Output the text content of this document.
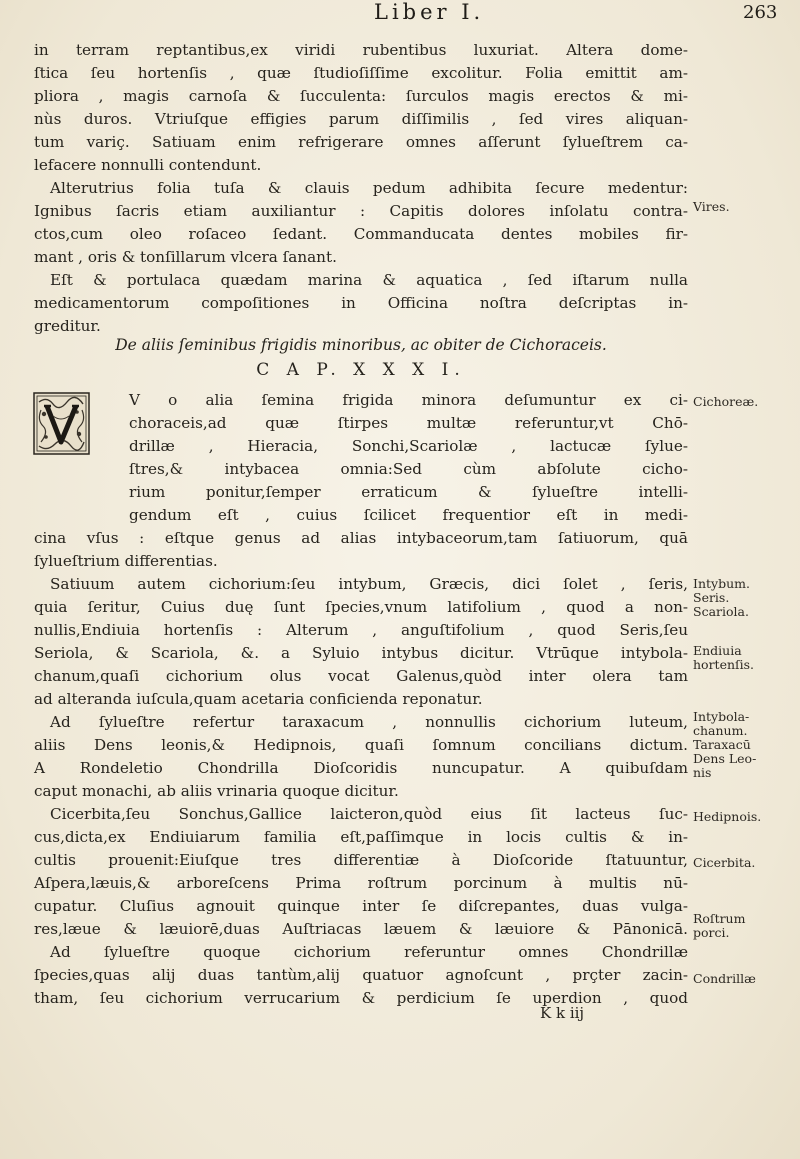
Liber I.	263
in terram reptantibus,ex viridi rubentibus luxuriat. Altera dome-
ſtica ſeu hortenſis , quæ ſtudioſiſſime excolitur. Folia emittit am-
pliora , magis carnoſa & ſucculenta: ſurculos magis erectos & mi-
nùs duros. Vtriuſque effigies parum diſſimilis , ſed vires aliquan-
tum variç. Satiuam enim refrigerare omnes aſſerunt ſylueſtrem ca-
lefacere nonnulli contendunt.
Alterutrius folia tuſa & clauis pedum adhibita ſecure medentur:
Ignibus ſacris etiam auxiliantur : Capitis dolores inſolatu contra-
ctos,cum oleo roſaceo ſedant. Commanducata dentes mobiles fir-
mant , oris & tonſillarum vlcera ſanant.
Eſt & portulaca quædam marina & aquatica , ſed iſtarum nulla
medicamentorum compoſitiones in Officina noſtra deſcriptas in-
greditur.
De aliis ſeminibus frigidis minoribus, ac obiter de Cichoraceis.
C A P. X X X I.
V o alia ſemina frigida minora deſumuntur ex ci-
choraceis,ad quæ ſtirpes multæ referuntur,vt Chō-
drillæ , Hieracia, Sonchi,Scariolæ , lactucæ ſylue-
ſtres,& intybacea omnia:Sed cùm abſolute cicho-
rium ponitur,ſemper erraticum & ſylueſtre intelli-
gendum eſt , cuius ſcilicet frequentior eſt in medi-
cina vſus : eſtque genus ad alias intybaceorum,tam ſatiuorum, quā
ſylueſtrium differentias.
Satiuum autem cichorium:ſeu intybum, Græcis, dici ſolet , ſeris,
quia ſeritur, Cuius duę ſunt ſpecies,vnum latifolium , quod a non-
nullis,Endiuia hortenſis : Alterum , anguſtifolium , quod Seris,ſeu
Seriola, & Scariola, &. a Syluio intybus dicitur. Vtrūque intybola-
chanum,quaſi cichorium olus vocat Galenus,quòd inter olera tam
ad alteranda iuſcula,quam acetaria conficienda reponatur.
Ad ſylueſtre refertur taraxacum , nonnullis cichorium luteum,
aliis Dens leonis,& Hedipnois, quaſi ſomnum concilians dictum.
A Rondeletio Chondrilla Dioſcoridis nuncupatur. A quibuſdam
caput monachi, ab aliis vrinaria quoque dicitur.
Cicerbita,ſeu Sonchus,Gallice laicteron,quòd eius ſit lacteus ſuc-
cus,dicta,ex Endiuiarum familia eſt,paſſimque in locis cultis & in-
cultis prouenit:Eiuſque tres differentiæ à Dioſcoride ſtatuuntur,
Aſpera,læuis,& arboreſcens Prima roſtrum porcinum à multis nū-
cupatur. Cluſius agnouit quinque inter ſe diſcrepantes, duas vulga-
res,læue & læuiorē,duas Auſtriacas læuem & læuiore & Pānonicā.
Ad ſylueſtre quoque cichorium referuntur omnes Chondrillæ
ſpecies,quas alij duas tantùm,alij quatuor agnoſcunt , prçter zacin-
tham, ſeu cichorium verrucarium & perdicium ſe uperdion , quod
K k iij
Vires.
Cichoreæ.
Intybum.
Seris.
Scariola.
Endiuia
hortenſis.
Intybola-
chanum.
Taraxacū
Dens Leo-
nis
Hedipnois.
Cicerbita.
Roſtrum
porci.
Condrillæ
